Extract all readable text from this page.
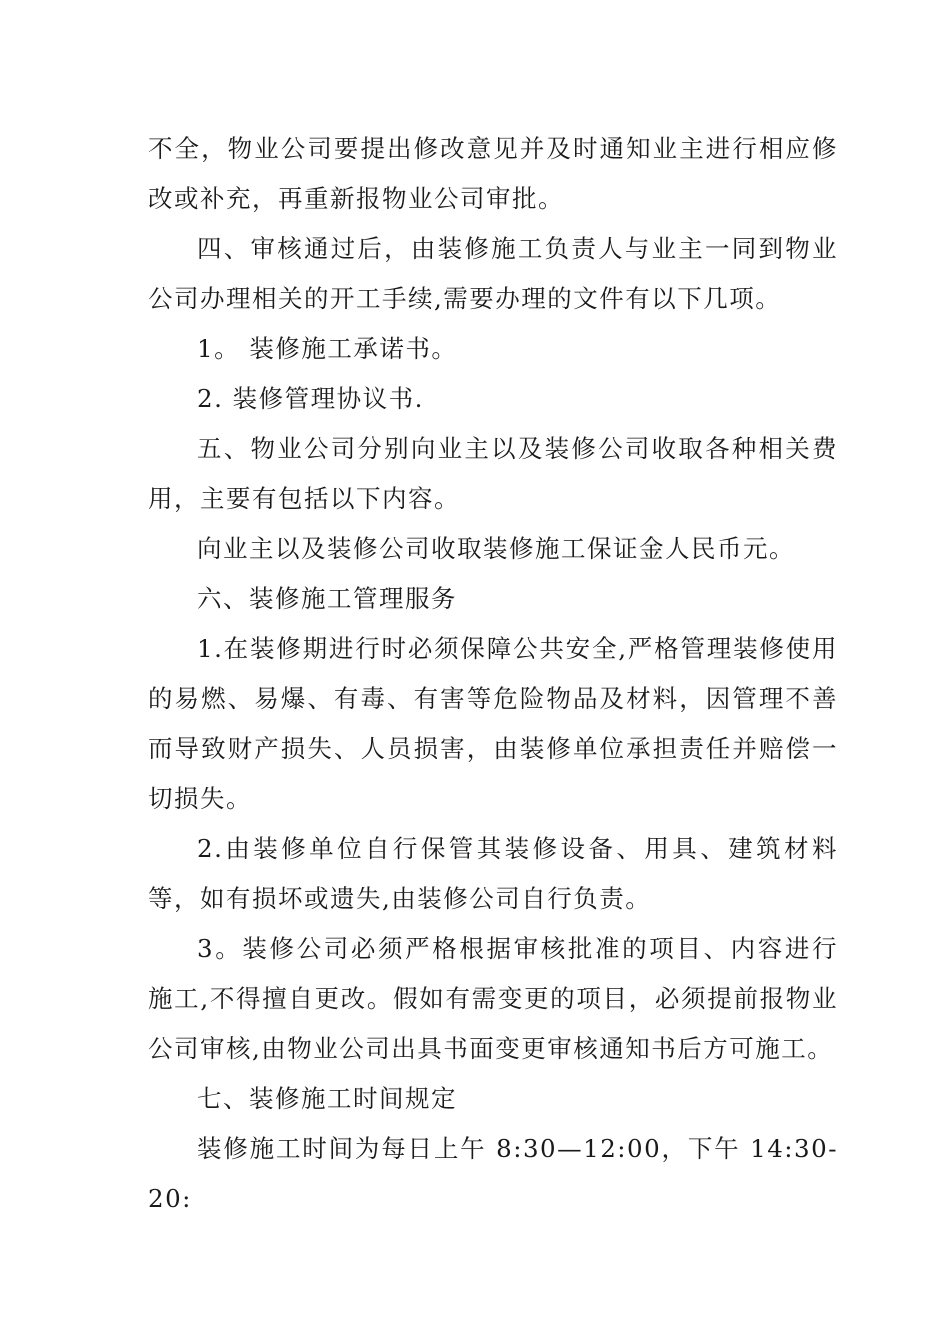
不全，物业公司要提出修改意见并及时通知业主进行相应修改或补充，再重新报物业公司审批。

四、审核通过后，由装修施工负责人与业主一同到物业公司办理相关的开工手续,需要办理的文件有以下几项。

1。 装修施工承诺书。

2. 装修管理协议书.

五、物业公司分别向业主以及装修公司收取各种相关费用，主要有包括以下内容。

向业主以及装修公司收取装修施工保证金人民币元。

六、装修施工管理服务

1.在装修期进行时必须保障公共安全,严格管理装修使用的易燃、易爆、有毒、有害等危险物品及材料，因管理不善而导致财产损失、人员损害，由装修单位承担责任并赔偿一切损失。

2.由装修单位自行保管其装修设备、用具、建筑材料等，如有损坏或遗失,由装修公司自行负责。

3。装修公司必须严格根据审核批准的项目、内容进行施工,不得擅自更改。假如有需变更的项目，必须提前报物业公司审核,由物业公司出具书面变更审核通知书后方可施工。

七、装修施工时间规定

装修施工时间为每日上午 8:30—12:00，下午 14:30-20:
